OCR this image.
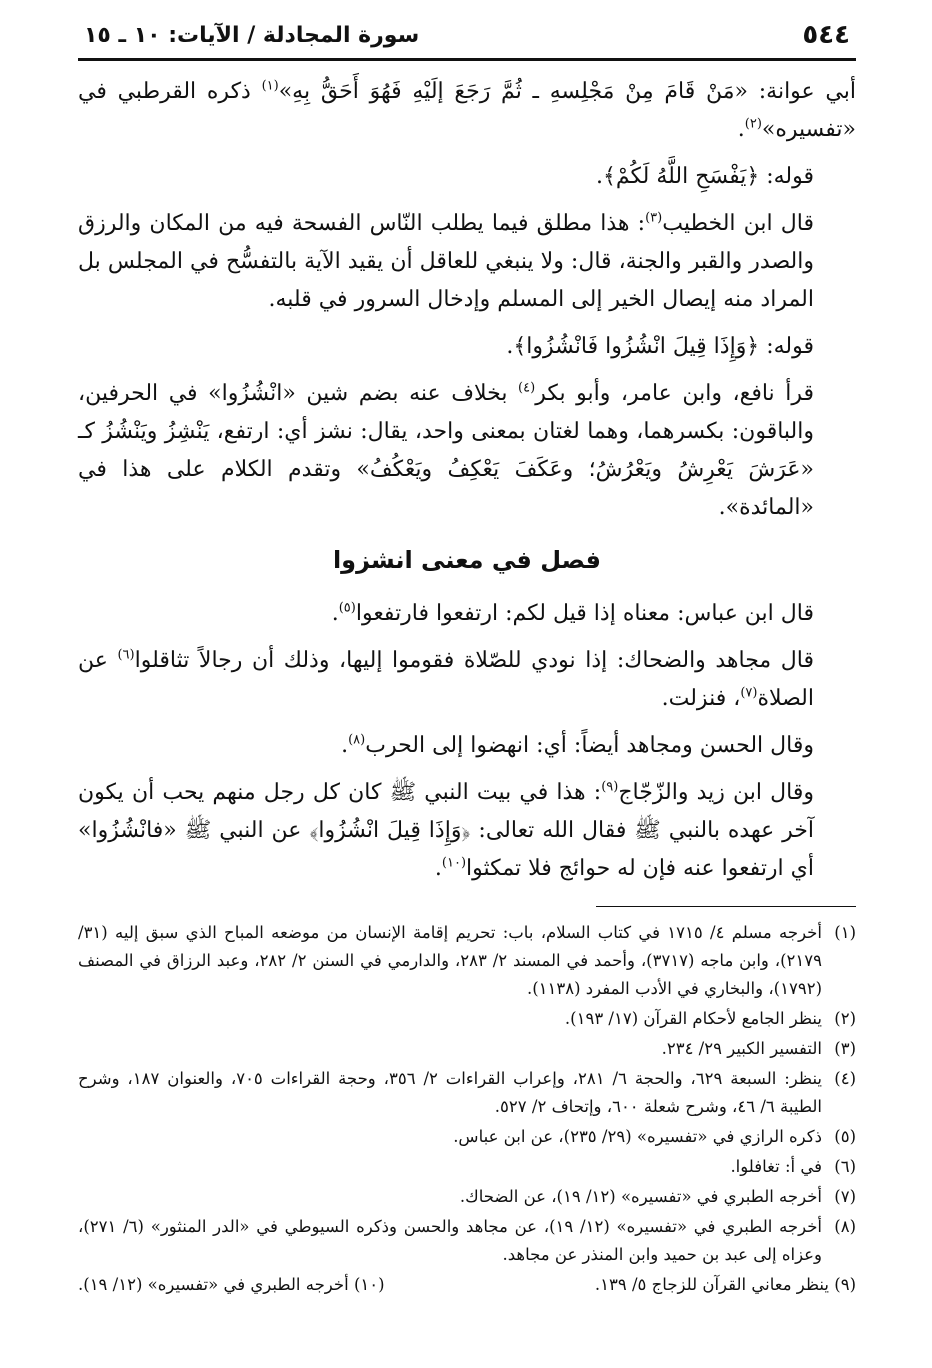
٥٤٤
سورة المجادلة / الآيات: ١٠ ـ ١٥

أبي عوانة: «مَنْ قَامَ مِنْ مَجْلِسهِ ـ ثُمَّ رَجَعَ إلَيْهِ فَهُوَ أَحَقُّ بِهِ»$^{(١)}$ ذكره القرطبي في «تفسيره»$^{(٢)}$.

قوله: ﴿يَفْسَحِ اللَّهُ لَكُمْ﴾.

قال ابن الخطيب$^{(٣)}$: هذا مطلق فيما يطلب النّاس الفسحة فيه من المكان والرزق والصدر والقبر والجنة، قال: ولا ينبغي للعاقل أن يقيد الآية بالتفسُّح في المجلس بل المراد منه إيصال الخير إلى المسلم وإدخال السرور في قلبه.

قوله: ﴿وَإِذَا قِيلَ انْشُزُوا فَانْشُزُوا﴾.

قرأ نافع، وابن عامر، وأبو بكر$^{(٤)}$ بخلاف عنه بضم شين «انْشُزُوا» في الحرفين، والباقون: بكسرهما، وهما لغتان بمعنى واحد، يقال: نشز أي: ارتفع، يَنْشِزُ ويَنْشُزُ كـ «عَرَشَ يَعْرِشُ ويَعْرُشُ؛ وعَكَفَ يَعْكِفُ ويَعْكُفُ» وتقدم الكلام على هذا في «المائدة».

فصل في معنى انشزوا

قال ابن عباس: معناه إذا قيل لكم: ارتفعوا فارتفعوا$^{(٥)}$.

قال مجاهد والضحاك: إذا نودي للصّلاة فقوموا إليها، وذلك أن رجالاً تثاقلوا$^{(٦)}$ عن الصلاة$^{(٧)}$، فنزلت.

وقال الحسن ومجاهد أيضاً: أي: انهضوا إلى الحرب$^{(٨)}$.

وقال ابن زيد والزّجّاج$^{(٩)}$: هذا في بيت النبي ﷺ كان كل رجل منهم يحب أن يكون آخر عهده بالنبي ﷺ فقال الله تعالى: ﴿وَإِذَا قِيلَ انْشُزُوا﴾ عن النبي ﷺ «فانْشُزُوا» أي ارتفعوا عنه فإن له حوائج فلا تمكثوا$^{(١٠)}$.

(١)
أخرجه مسلم ٤/ ١٧١٥ في كتاب السلام، باب: تحريم إقامة الإنسان من موضعه المباح الذي سبق إليه (٣١/ ٢١٧٩)، وابن ماجه (٣٧١٧)، وأحمد في المسند ٢/ ٢٨٣، والدارمي في السنن ٢/ ٢٨٢، وعبد الرزاق في المصنف (١٧٩٢)، والبخاري في الأدب المفرد (١١٣٨).
(٢)
ينظر الجامع لأحكام القرآن (١٧/ ١٩٣).
(٣)
التفسير الكبير ٢٩/ ٢٣٤.
(٤)
ينظر: السبعة ٦٢٩، والحجة ٦/ ٢٨١، وإعراب القراءات ٢/ ٣٥٦، وحجة القراءات ٧٠٥، والعنوان ١٨٧، وشرح الطيبة ٦/ ٤٦، وشرح شعلة ٦٠٠، وإتحاف ٢/ ٥٢٧.
(٥)
ذكره الرازي في «تفسيره» (٢٩/ ٢٣٥)، عن ابن عباس.
(٦)
في أ: تغافلوا.
(٧)
أخرجه الطبري في «تفسيره» (١٢/ ١٩)، عن الضحاك.
(٨)
أخرجه الطبري في «تفسيره» (١٢/ ١٩)، عن مجاهد والحسن وذكره السيوطي في «الدر المنثور» (٦/ ٢٧١)، وعزاه إلى عبد بن حميد وابن المنذر عن مجاهد.
(٩) ينظر معاني القرآن للزجاج ٥/ ١٣٩.
(١٠) أخرجه الطبري في «تفسيره» (١٢/ ١٩).
